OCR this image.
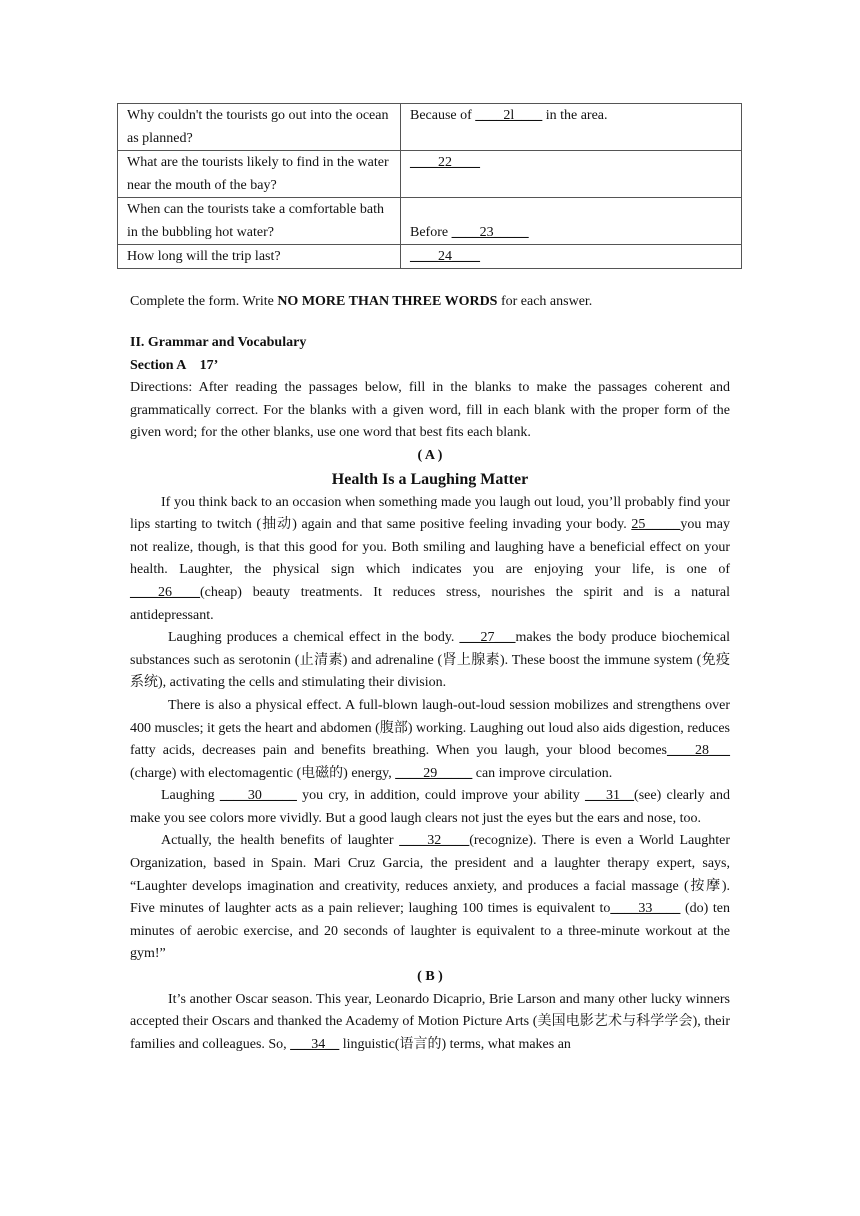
Why couldn't the tourists go out into the ocean as planned?	Because of ____2l____ in the area.
What are the tourists likely to find in the water near the mouth of the bay?	____22____
When can the tourists take a comfortable bath in the bubbling hot water?	Before ____23_____
How long will the trip last?	____24____
Complete the form. Write NO MORE THAN THREE WORDS for each answer.
II. Grammar and Vocabulary
Section A    17’

Directions: After reading the passages below, fill in the blanks to make the passages coherent and grammatically correct. For the blanks with a given word, fill in each blank with the proper form of the given word; for the other blanks, use one word that best fits each blank.

( A )
Health Is a Laughing Matter

If you think back to an occasion when something made you laugh out loud, you’ll probably find your lips starting to twitch (抽动) again and that same positive feeling invading your body. 25_____you may not realize, though, is that this good for you. Both smiling and laughing have a beneficial effect on your health. Laughter, the physical sign which indicates you are enjoying your life, is one of ____26____(cheap) beauty treatments. It reduces stress, nourishes the spirit and is a natural antidepressant.

Laughing produces a chemical effect in the body. ___27___makes the body produce biochemical substances such as serotonin (止清素) and adrenaline (肾上腺素). These boost the immune system (免疫系统), activating the cells and stimulating their division.

There is also a physical effect. A full-blown laugh-out-loud session mobilizes and strengthens over 400 muscles; it gets the heart and abdomen (腹部) working. Laughing out loud also aids digestion, reduces fatty acids, decreases pain and benefits breathing. When you laugh, your blood becomes____28___ (charge) with electomagentic (电磁的) energy, ____29_____ can improve circulation.

Laughing ____30_____ you cry, in addition, could improve your ability ___31__(see) clearly and make you see colors more vividly. But a good laugh clears not just the eyes but the ears and nose, too.

Actually, the health benefits of laughter ____32____(recognize). There is even a World Laughter Organization, based in Spain. Mari Cruz Garcia, the president and a laughter therapy expert, says, “Laughter develops imagination and creativity, reduces anxiety, and produces a facial massage (按摩). Five minutes of laughter acts as a pain reliever; laughing 100 times is equivalent to____33____ (do) ten minutes of aerobic exercise, and 20 seconds of laughter is equivalent to a three-minute workout at the gym!”

( B )

It’s another Oscar season. This year, Leonardo Dicaprio, Brie Larson and many other lucky winners accepted their Oscars and thanked the Academy of Motion Picture Arts (美国电影艺术与科学学会), their families and colleagues. So, ___34__ linguistic(语言的) terms, what makes an
